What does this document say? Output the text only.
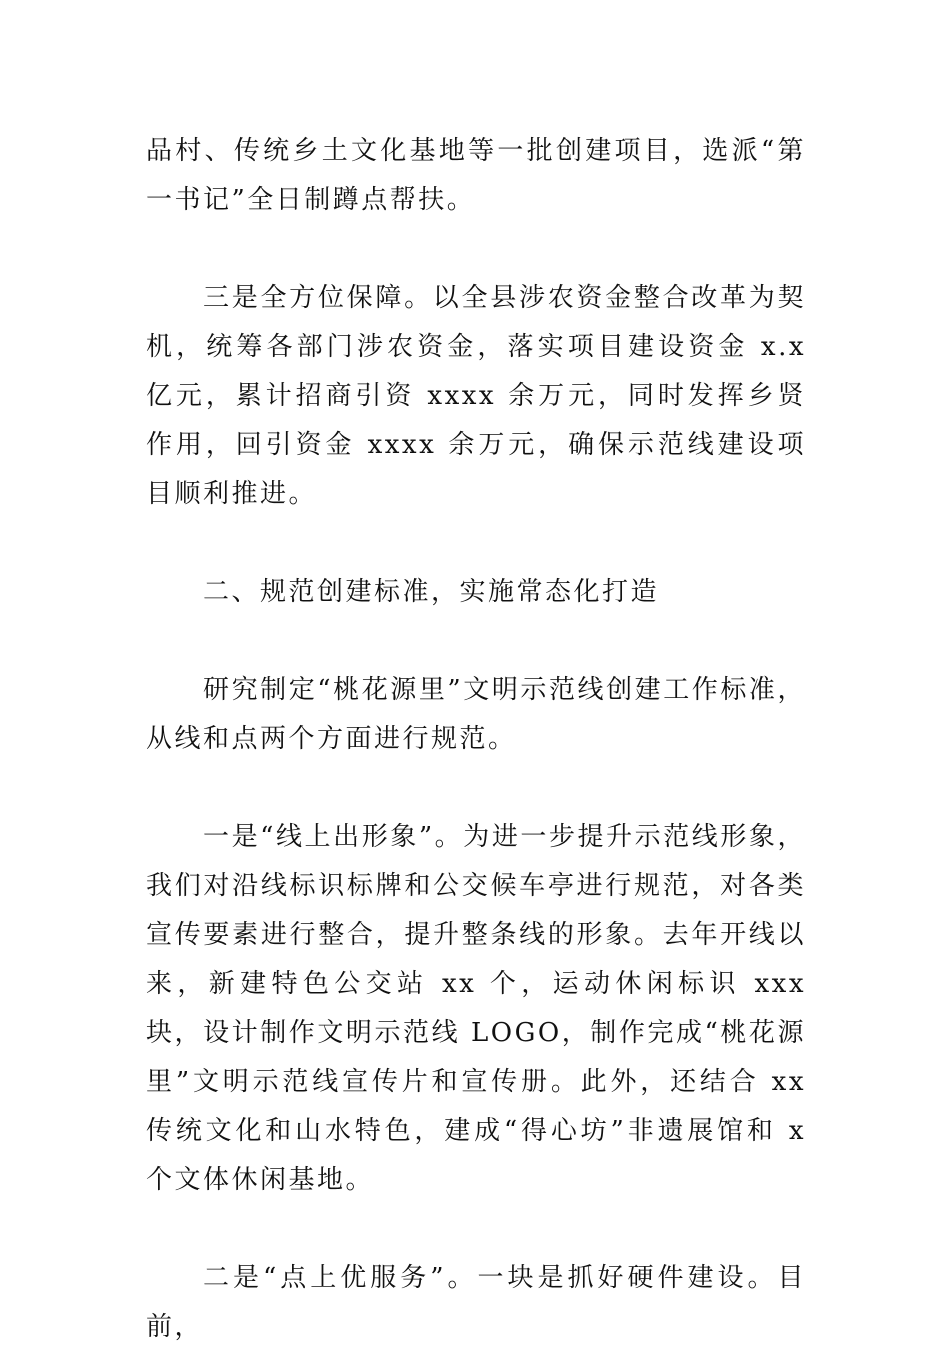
品村、传统乡土文化基地等一批创建项目，选派“第一书记”全日制蹲点帮扶。

三是全方位保障。以全县涉农资金整合改革为契机，统筹各部门涉农资金，落实项目建设资金 x.x 亿元，累计招商引资 xxxx 余万元，同时发挥乡贤作用，回引资金 xxxx 余万元，确保示范线建设项目顺利推进。

二、规范创建标准，实施常态化打造

研究制定“桃花源里”文明示范线创建工作标准，从线和点两个方面进行规范。

一是“线上出形象”。为进一步提升示范线形象，我们对沿线标识标牌和公交候车亭进行规范，对各类宣传要素进行整合，提升整条线的形象。去年开线以来，新建特色公交站 xx 个，运动休闲标识 xxx 块，设计制作文明示范线 LOGO，制作完成“桃花源里”文明示范线宣传片和宣传册。此外，还结合 xx 传统文化和山水特色，建成“得心坊”非遗展馆和 x 个文体休闲基地。

二是“点上优服务”。一块是抓好硬件建设。目前，
